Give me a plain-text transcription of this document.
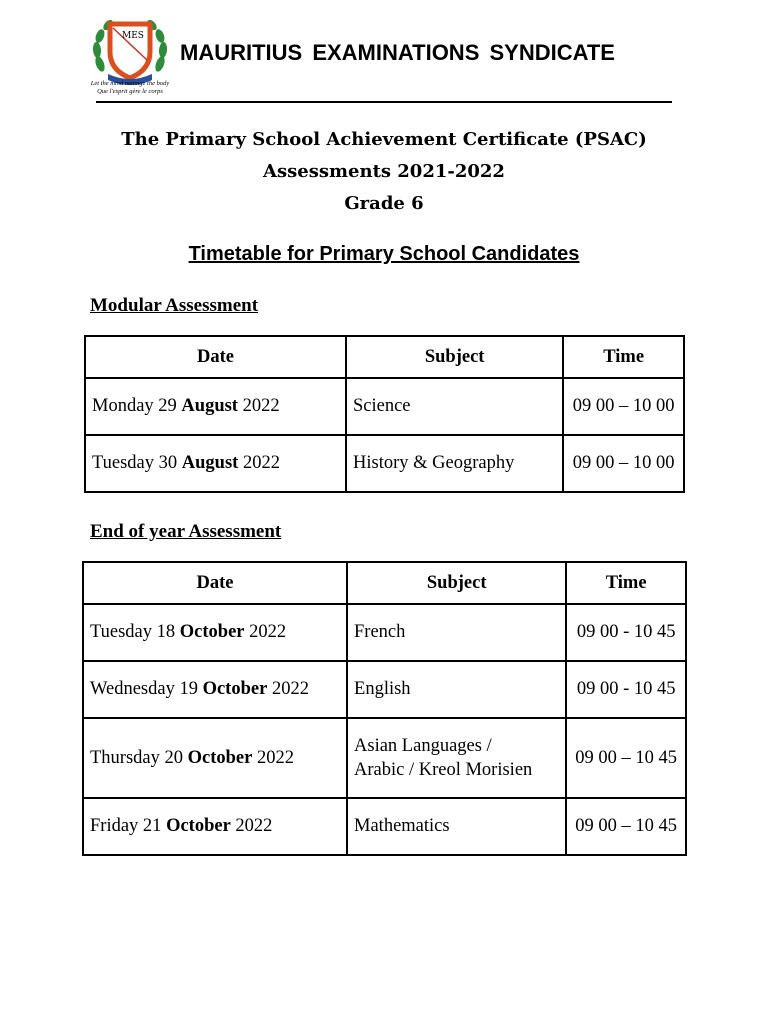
MES
Let the mind manage the body
Que l'esprit gère le corps
MAURITIUS EXAMINATIONS SYNDICATE
The Primary School Achievement Certificate (PSAC)
Assessments 2021-2022
Grade 6
Timetable for Primary School Candidates
Modular Assessment
Date	Subject	Time
Monday 29 August 2022	Science	09 00 – 10 00
Tuesday 30 August 2022	History & Geography	09 00 – 10 00
End of year Assessment
Date	Subject	Time
Tuesday 18 October 2022	French	09 00 - 10 45
Wednesday 19 October 2022	English	09 00 - 10 45
Thursday 20 October 2022	Asian Languages /
Arabic / Kreol Morisien	09 00 – 10 45
Friday 21 October 2022	Mathematics	09 00 – 10 45
